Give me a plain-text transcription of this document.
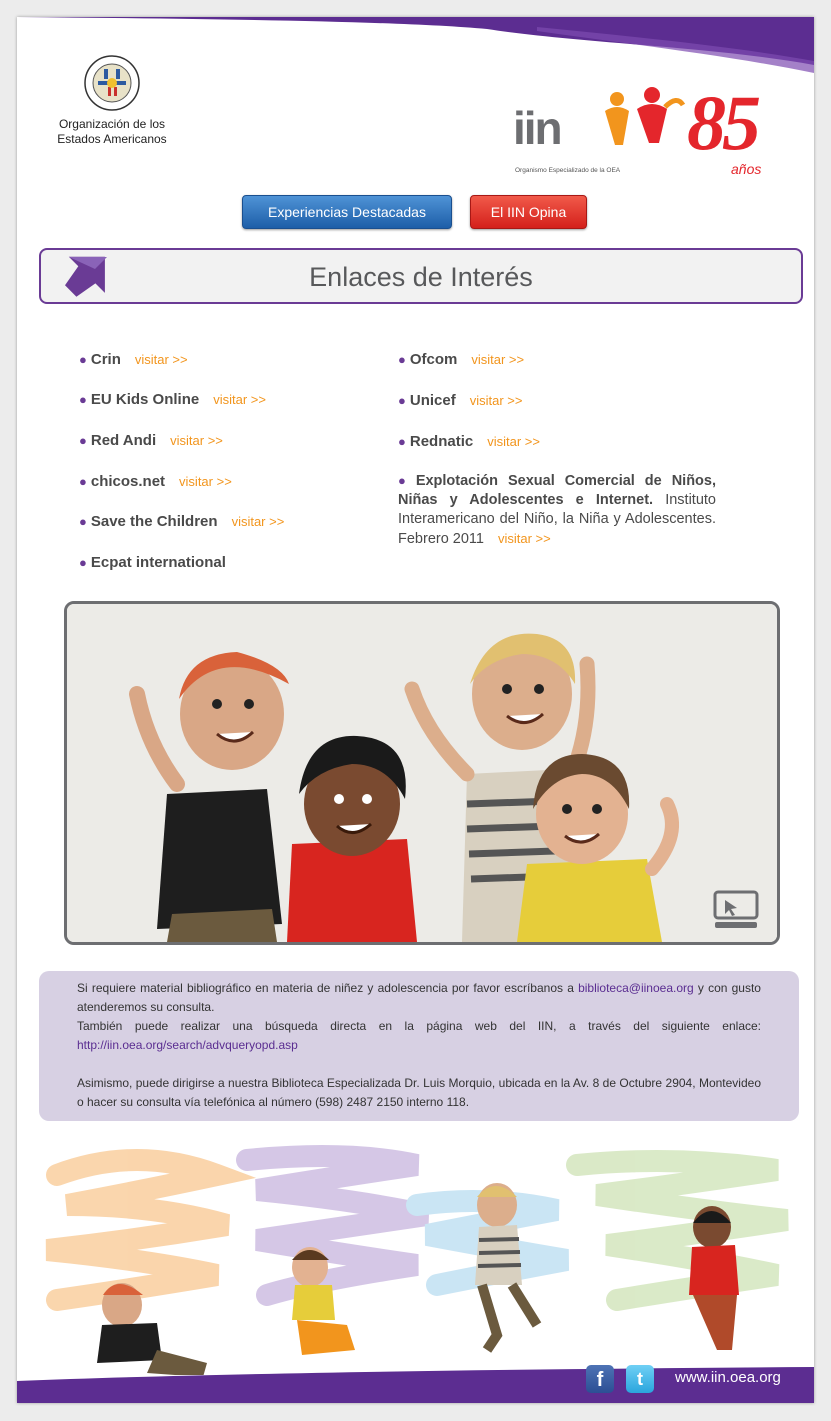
Organización de los Estados Americanos	iin
Organismo Especializado de la OEA
85
años
Experiencias Destacadas	El IIN Opina
Enlaces de Interés
● Crin visitar >>
● EU Kids Online visitar >>
● Red Andi visitar >>
● chicos.net visitar >>
● Save the Children visitar >>
● Ecpat international
● Ofcom visitar >>
● Unicef visitar >>
● Rednatic visitar >>
● Explotación Sexual Comercial de Niños, Niñas y Adolescentes e Internet. Instituto Interamericano del Niño, la Niña y Adolescentes. Febrero 2011 visitar >>

Si requiere material bibliográfico en materia de niñez y adolescencia por favor escríbanos a biblioteca@iinoea.org y con gusto atenderemos su consulta.

También puede realizar una búsqueda directa en la página web del IIN, a través del siguiente enlace: http://iin.oea.org/search/advqueryopd.asp

Asimismo, puede dirigirse a nuestra Biblioteca Especializada Dr. Luis Morquio, ubicada en la Av. 8 de Octubre 2904, Montevideo o hacer su consulta vía telefónica al número (598) 2487 2150 interno 118.

f	t	www.iin.oea.org
